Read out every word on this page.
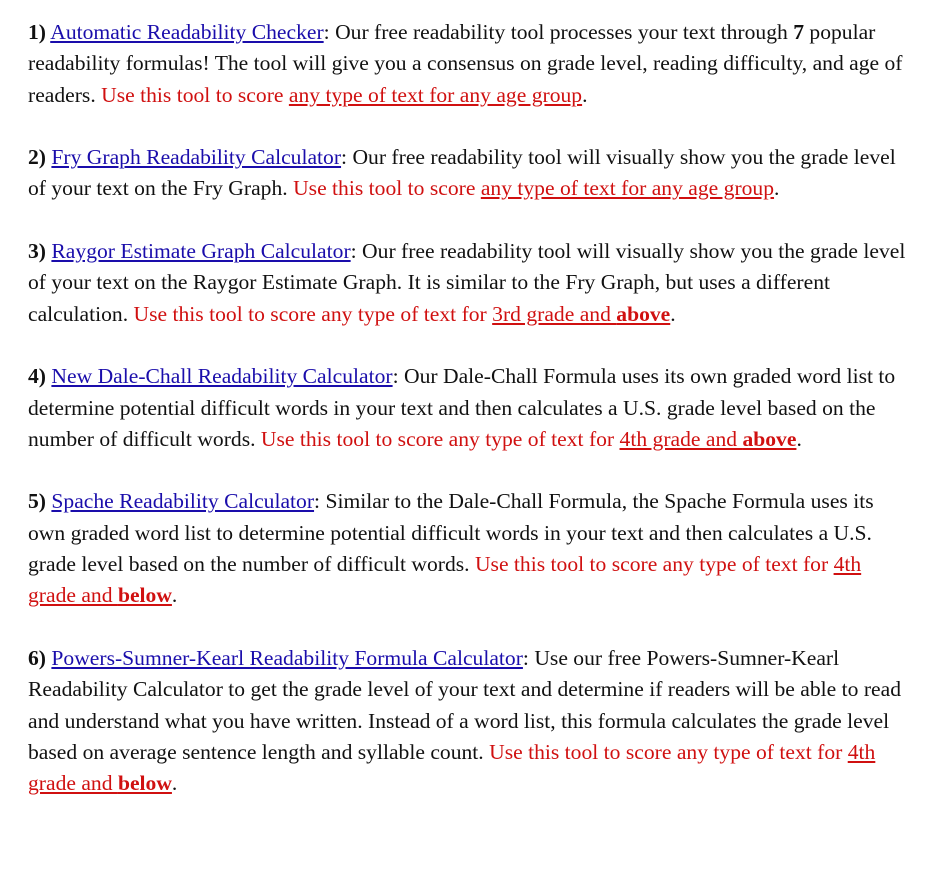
1) Automatic Readability Checker: Our free readability tool processes your text through 7 popular readability formulas! The tool will give you a consensus on grade level, reading difficulty, and age of readers. Use this tool to score any type of text for any age group.

2) Fry Graph Readability Calculator: Our free readability tool will visually show you the grade level of your text on the Fry Graph. Use this tool to score any type of text for any age group.

3) Raygor Estimate Graph Calculator: Our free readability tool will visually show you the grade level of your text on the Raygor Estimate Graph. It is similar to the Fry Graph, but uses a different calculation. Use this tool to score any type of text for 3rd grade and above.

4) New Dale-Chall Readability Calculator: Our Dale-Chall Formula uses its own graded word list to determine potential difficult words in your text and then calculates a U.S. grade level based on the number of difficult words. Use this tool to score any type of text for 4th grade and above.

5) Spache Readability Calculator: Similar to the Dale-Chall Formula, the Spache Formula uses its own graded word list to determine potential difficult words in your text and then calculates a U.S. grade level based on the number of difficult words. Use this tool to score any type of text for 4th grade and below.

6) Powers-Sumner-Kearl Readability Formula Calculator: Use our free Powers-Sumner-Kearl Readability Calculator to get the grade level of your text and determine if readers will be able to read and understand what you have written. Instead of a word list, this formula calculates the grade level based on average sentence length and syllable count. Use this tool to score any type of text for 4th grade and below.
